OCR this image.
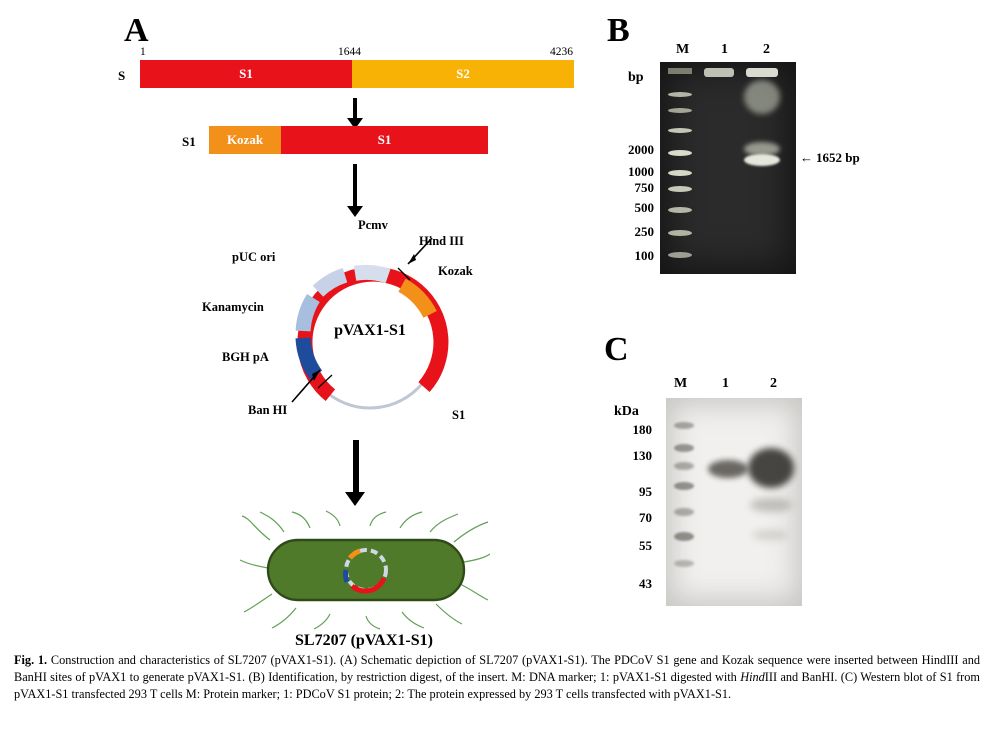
A	B
C
1	1644	4236
S	S1	S2
S1	Kozak	S1
pVAX1-S1
Pcmv
Hind III
Kozak
S1
Ban HI
BGH pA
Kanamycin
pUC ori
SL7207 (pVAX1-S1)
bp
M 1	2
2000
1000
750
500
250
100
← 1652 bp
kDa
M 1	2
180
130
95
70
55
43
Fig. 1. Construction and characteristics of SL7207 (pVAX1-S1). (A) Schematic depiction of SL7207 (pVAX1-S1). The PDCoV S1 gene and Kozak sequence were inserted between HindIII and BanHI sites of pVAX1 to generate pVAX1-S1. (B) Identification, by restriction digest, of the insert. M: DNA marker; 1: pVAX1-S1 digested with HindIII and BanHI. (C) Western blot of S1 from pVAX1-S1 transfected 293 T cells M: Protein marker; 1: PDCoV S1 protein; 2: The protein expressed by 293 T cells transfected with pVAX1-S1.
